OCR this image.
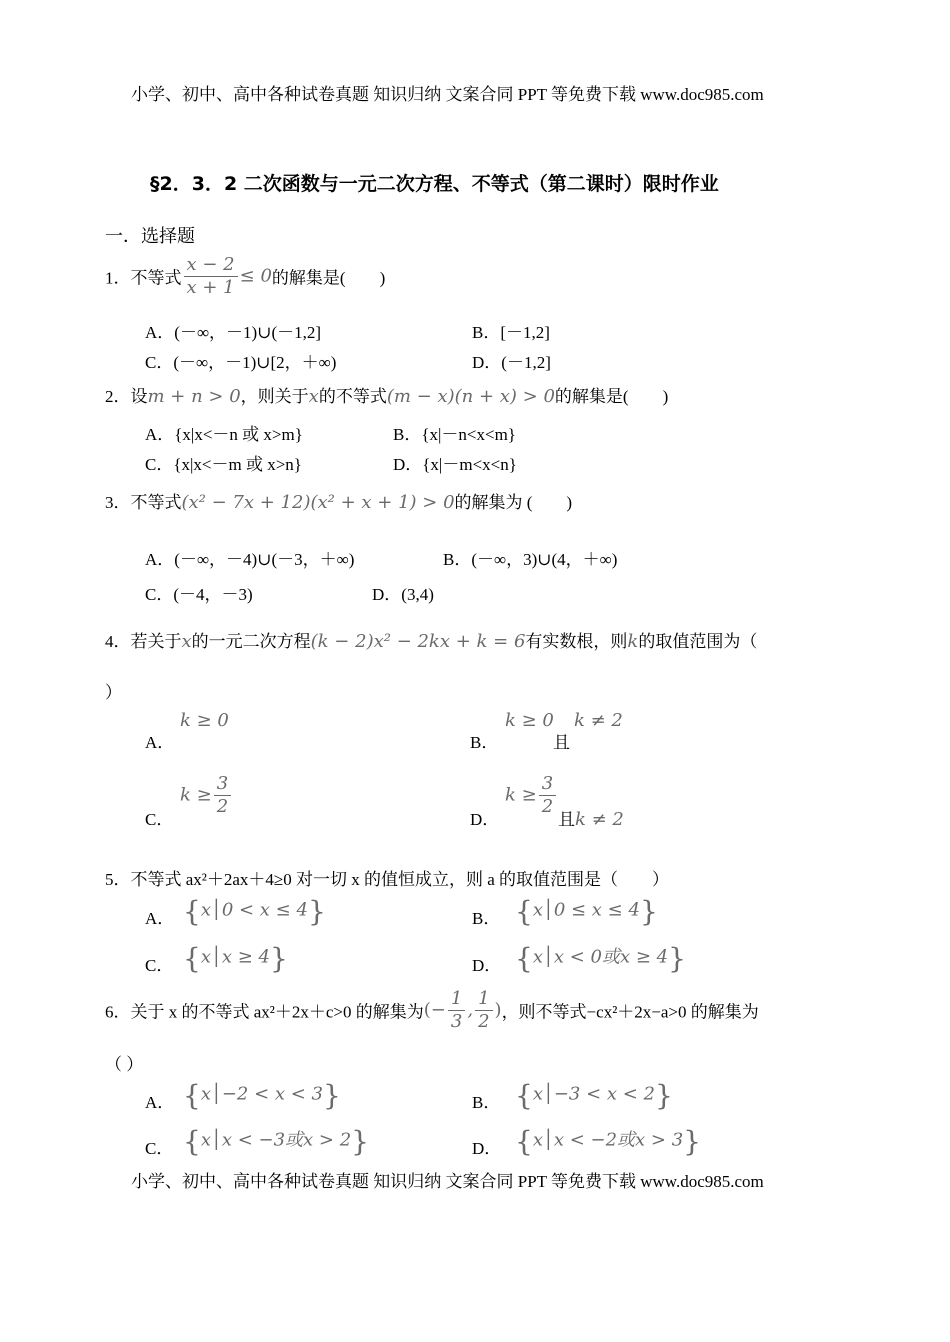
小学、初中、高中各种试卷真题 知识归纳 文案合同 PPT 等免费下载 www.doc985.com
§2．3．2 二次函数与一元二次方程、不等式（第二课时）限时作业
一．选择题
1．不等式 $\frac{x - 2}{x + 1} \le 0$的解集是(　　)
A．(－∞，－1)∪(－1,2]	B．[－1,2]
C．(－∞，－1)∪[2，＋∞)	D．(－1,2]
2．设m + n > 0，则关于x的不等式(m − x)(n + x) > 0的解集是(　　)
A．{x|x<－n 或 x>m}	B．{x|－n<x<m}
C．{x|x<－m 或 x>n}	D．{x|－m<x<n}
3．不等式(x² − 7x + 12)(x² + x + 1) > 0的解集为 (　　)
A．(－∞，－4)∪(－3，＋∞)	B．(－∞，3)∪(4，＋∞)
C．(－4，－3)	D．(3,4)
4．若关于x的一元二次方程(k − 2)x² − 2kx + k = 6有实数根，则k的取值范围为（
）
A．
k ≥ 0
B．
k ≥ 0
且
k ≠ 2
C．
$k \ge \frac{3}{2}$
D．
$k \ge \frac{3}{2}$
且k ≠ 2
5．不等式 ax²＋2ax＋4≥0 对一切 x 的值恒成立，则 a 的取值范围是（　　）
A． {x│0 < x ≤ 4}	B． {x│0 ≤ x ≤ 4}
C． {x│x ≥ 4}	D． {x│x < 0或x ≥ 4}
6．关于 x 的不等式 ax²＋2x＋c>0 的解集为(− $\frac{1}{3}$ , $\frac{1}{2}$ )，则不等式−cx²＋2x−a>0 的解集为
（ ）
A． {x│−2 < x < 3}	B． {x│−3 < x < 2}
C． {x│x < −3或x > 2}	D． {x│x < −2或x > 3}
小学、初中、高中各种试卷真题 知识归纳 文案合同 PPT 等免费下载 www.doc985.com
